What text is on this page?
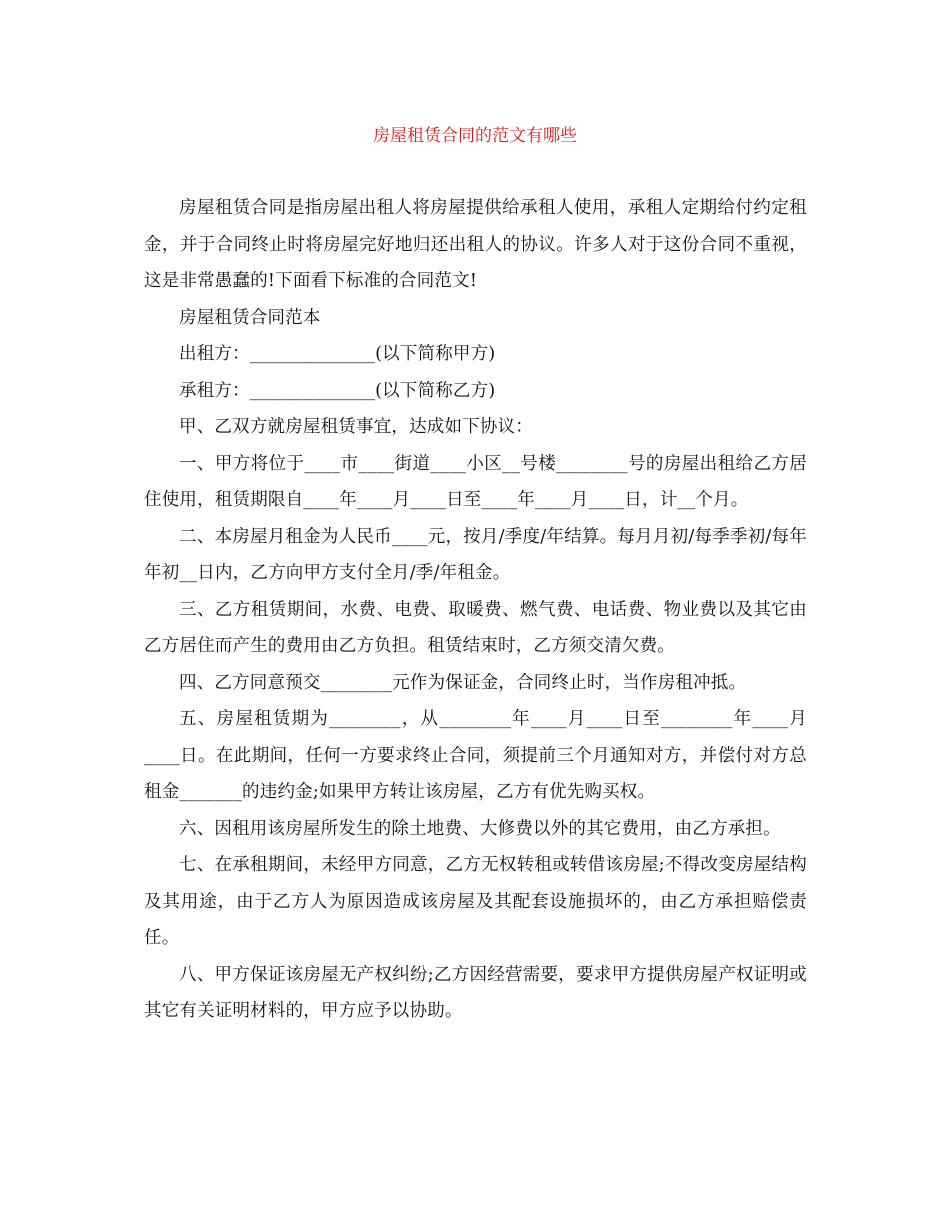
房屋租赁合同的范文有哪些

房屋租赁合同是指房屋出租人将房屋提供给承租人使用，承租人定期给付约定租金，并于合同终止时将房屋完好地归还出租人的协议。许多人对于这份合同不重视，这是非常愚蠢的!下面看下标准的合同范文!

房屋租赁合同范本

出租方：______________(以下简称甲方)

承租方：______________(以下简称乙方)

甲、乙双方就房屋租赁事宜，达成如下协议：

一、甲方将位于____市____街道____小区__号楼________号的房屋出租给乙方居住使用，租赁期限自____年____月____日至____年____月____日，计__个月。

二、本房屋月租金为人民币____元，按月/季度/年结算。每月月初/每季季初/每年年初__日内，乙方向甲方支付全月/季/年租金。

三、乙方租赁期间，水费、电费、取暖费、燃气费、电话费、物业费以及其它由乙方居住而产生的费用由乙方负担。租赁结束时，乙方须交清欠费。

四、乙方同意预交________元作为保证金，合同终止时，当作房租冲抵。

五、房屋租赁期为________，从________年____月____日至________年____月____日。在此期间，任何一方要求终止合同，须提前三个月通知对方，并偿付对方总租金_______的违约金;如果甲方转让该房屋，乙方有优先购买权。

六、因租用该房屋所发生的除土地费、大修费以外的其它费用，由乙方承担。

七、在承租期间，未经甲方同意，乙方无权转租或转借该房屋;不得改变房屋结构及其用途，由于乙方人为原因造成该房屋及其配套设施损坏的，由乙方承担赔偿责任。

八、甲方保证该房屋无产权纠纷;乙方因经营需要，要求甲方提供房屋产权证明或其它有关证明材料的，甲方应予以协助。
